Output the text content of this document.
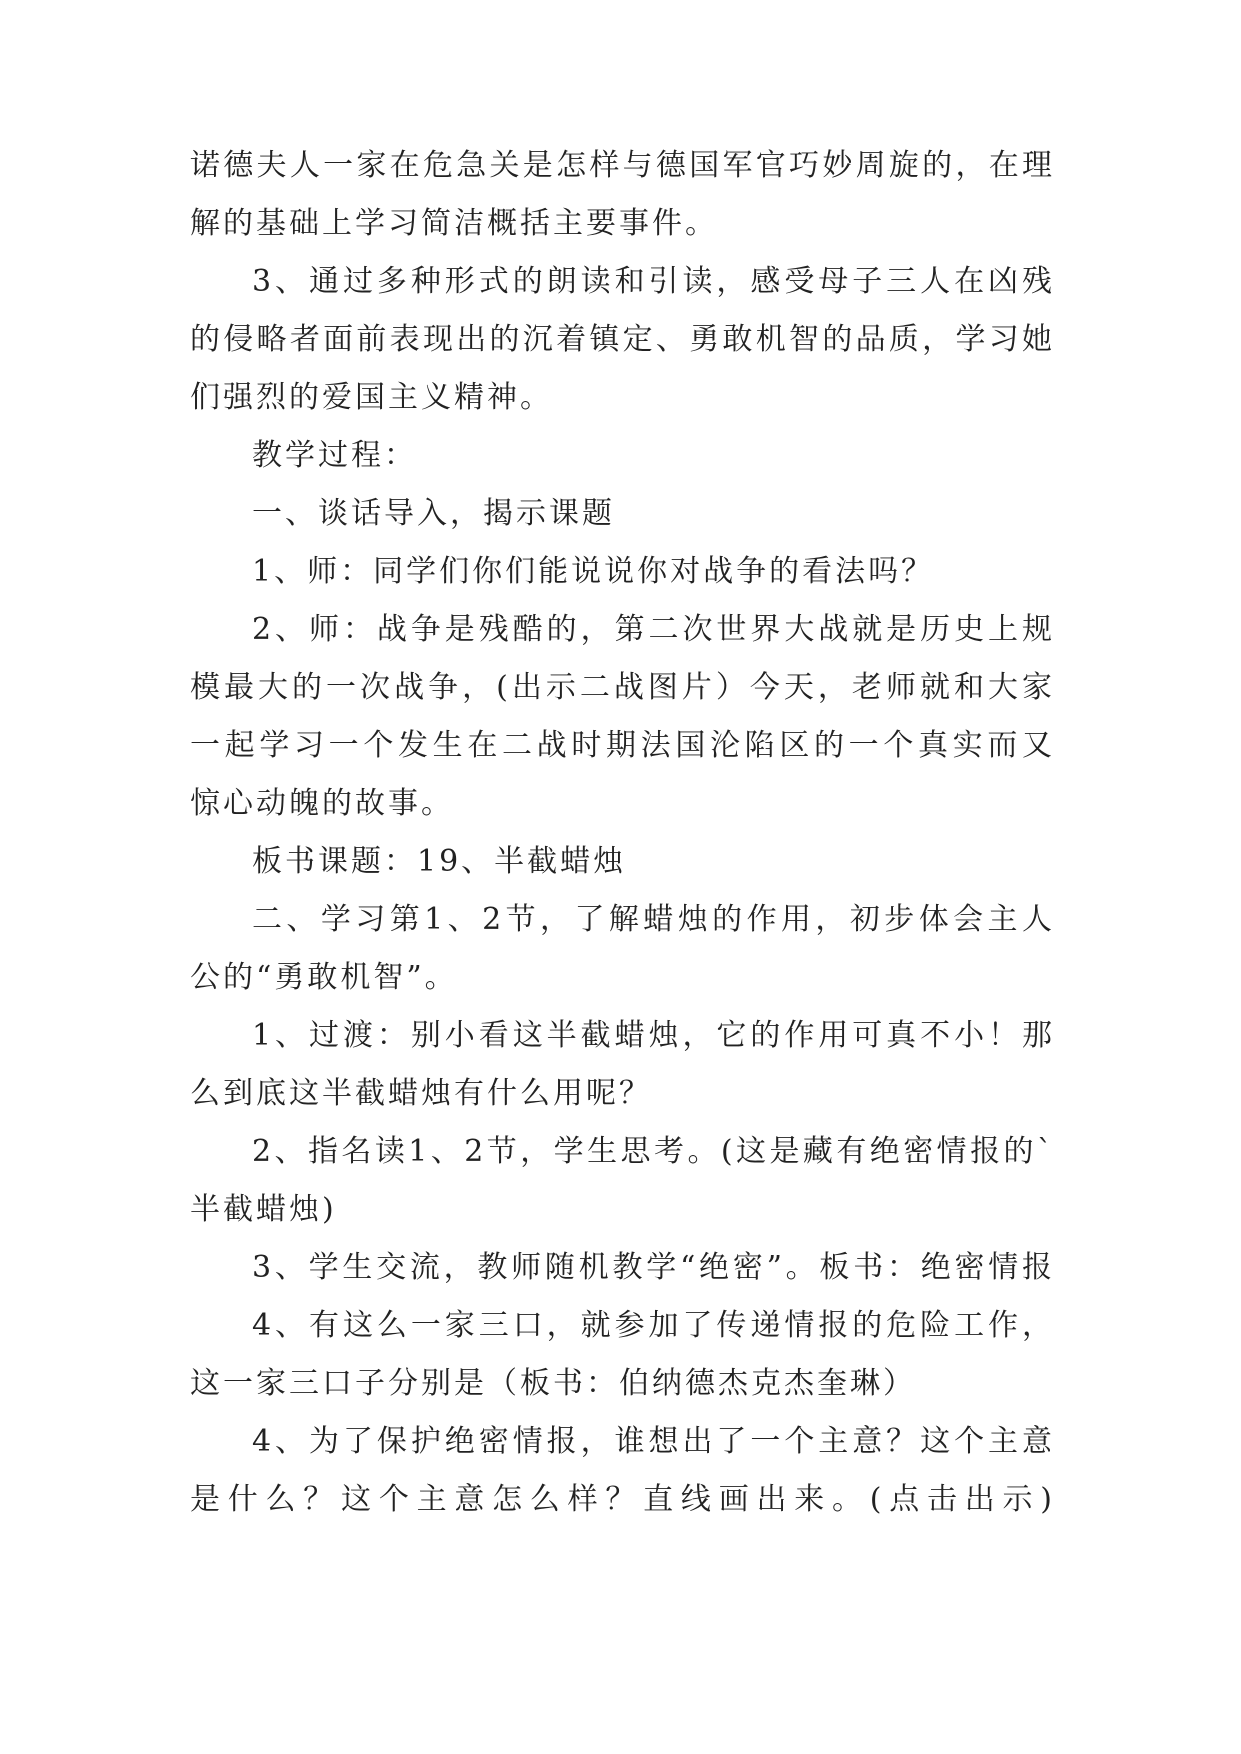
诺德夫人一家在危急关是怎样与德国军官巧妙周旋的，在理
解的基础上学习简洁概括主要事件。
3、通过多种形式的朗读和引读，感受母子三人在凶残
的侵略者面前表现出的沉着镇定、勇敢机智的品质，学习她
们强烈的爱国主义精神。
教学过程：
一、谈话导入，揭示课题
1、师：同学们你们能说说你对战争的看法吗？
2、师：战争是残酷的，第二次世界大战就是历史上规
模最大的一次战争，(出示二战图片）今天，老师就和大家
一起学习一个发生在二战时期法国沦陷区的一个真实而又
惊心动魄的故事。
板书课题：19、半截蜡烛
二、学习第1、2节，了解蜡烛的作用，初步体会主人
公的“勇敢机智”。
1、过渡：别小看这半截蜡烛，它的作用可真不小！那
么到底这半截蜡烛有什么用呢？
2、指名读1、2节，学生思考。(这是藏有绝密情报的`
半截蜡烛)
3、学生交流，教师随机教学“绝密”。板书：绝密情报
4、有这么一家三口，就参加了传递情报的危险工作，
这一家三口子分别是（板书：伯纳德杰克杰奎琳）
4、为了保护绝密情报，谁想出了一个主意？这个主意
是什么？这个主意怎么样？直线画出来。(点击出示)
